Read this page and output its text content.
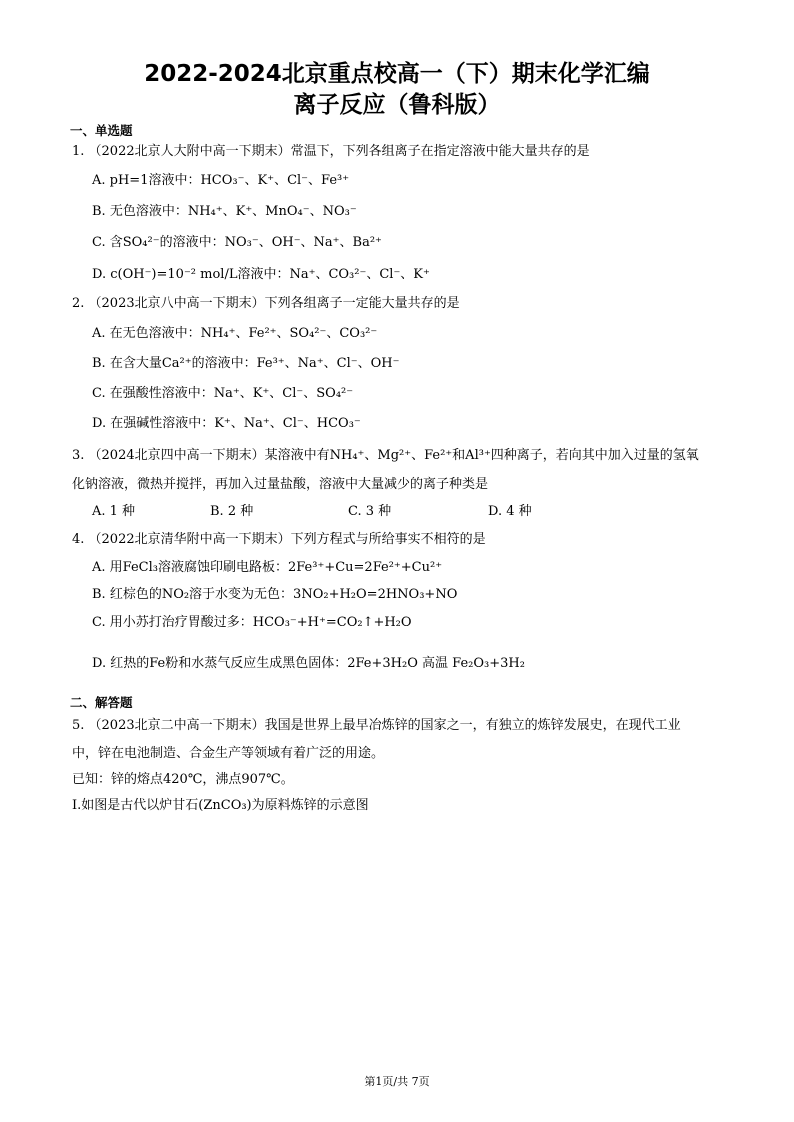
2022-2024北京重点校高一（下）期末化学汇编
离子反应（鲁科版）
一、单选题
1. （2022北京人大附中高一下期末）常温下，下列各组离子在指定溶液中能大量共存的是
A. pH=1溶液中：HCO₃⁻、K⁺、Cl⁻、Fe³⁺
B. 无色溶液中：NH₄⁺、K⁺、MnO₄⁻、NO₃⁻
C. 含SO₄²⁻的溶液中：NO₃⁻、OH⁻、Na⁺、Ba²⁺
D. c(OH⁻)=10⁻² mol/L溶液中：Na⁺、CO₃²⁻、Cl⁻、K⁺
2. （2023北京八中高一下期末）下列各组离子一定能大量共存的是
A. 在无色溶液中：NH₄⁺、Fe²⁺、SO₄²⁻、CO₃²⁻
B. 在含大量Ca²⁺的溶液中：Fe³⁺、Na⁺、Cl⁻、OH⁻
C. 在强酸性溶液中：Na⁺、K⁺、Cl⁻、SO₄²⁻
D. 在强碱性溶液中：K⁺、Na⁺、Cl⁻、HCO₃⁻
3. （2024北京四中高一下期末）某溶液中有NH₄⁺、Mg²⁺、Fe²⁺和Al³⁺四种离子，若向其中加入过量的氢氧
化钠溶液，微热并搅拌，再加入过量盐酸，溶液中大量减少的离子种类是
A. 1 种	B. 2 种	C. 3 种	D. 4 种
4. （2022北京清华附中高一下期末）下列方程式与所给事实不相符的是
A. 用FeCl₃溶液腐蚀印刷电路板：2Fe³⁺+Cu=2Fe²⁺+Cu²⁺
B. 红棕色的NO₂溶于水变为无色：3NO₂+H₂O=2HNO₃+NO
C. 用小苏打治疗胃酸过多：HCO₃⁻+H⁺=CO₂↑+H₂O
D. 红热的Fe粉和水蒸气反应生成黑色固体：2Fe+3H₂O 高温 Fe₂O₃+3H₂
二、解答题
5. （2023北京二中高一下期末）我国是世界上最早冶炼锌的国家之一，有独立的炼锌发展史，在现代工业
中，锌在电池制造、合金生产等领域有着广泛的用途。
已知：锌的熔点420℃，沸点907℃。
Ⅰ.如图是古代以炉甘石(ZnCO₃)为原料炼锌的示意图
第1页/共 7页
